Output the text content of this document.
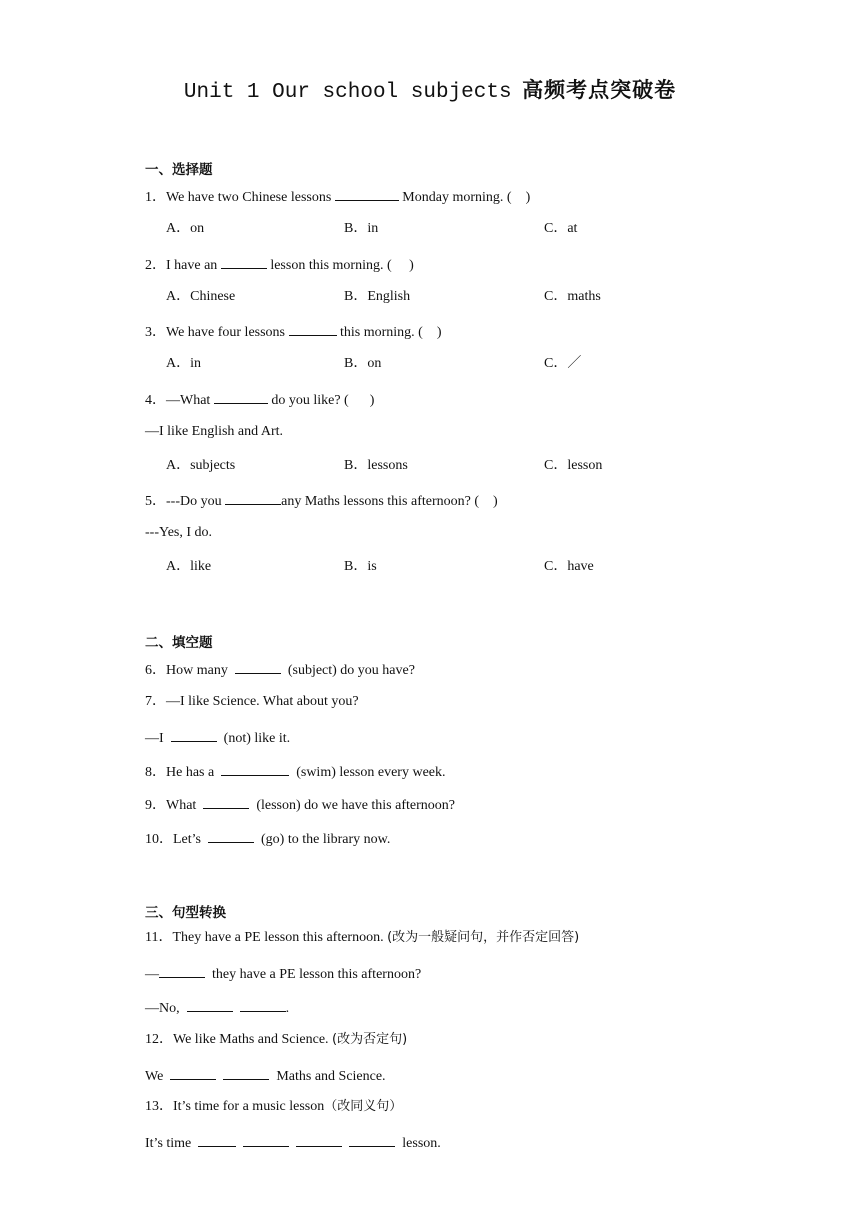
Unit 1 Our school subjects 高频考点突破卷
一、选择题
1．We have two Chinese lessons	Monday morning. (    )
A．on	B．in	C．at
2．I have an	lesson this morning. (     )
A．Chinese	B．English	C．maths
3．We have four lessons	this morning. (    )
A．in	B．on	C．／
4．—What	do you like? (      )
—I like English and Art.
A．subjects	B．lessons	C．lesson
5．---Do you	any Maths lessons this afternoon? (    )
---Yes, I do.
A．like	B．is	C．have
二、填空题
6．How many	(subject) do you have?
7．—I like Science. What about you?
—I	(not) like it.
8．He has a	(swim) lesson every week.
9．What	(lesson) do we have this afternoon?
10．Let’s	(go) to the library now.
三、句型转换
11．They have a PE lesson this afternoon. (改为一般疑问句，并作否定回答)
—	they have a PE lesson this afternoon?
—No,	.
12．We like Maths and Science. (改为否定句)
We	Maths and Science.
13．It’s time for a music lesson（改同义句）
It’s time	lesson.
